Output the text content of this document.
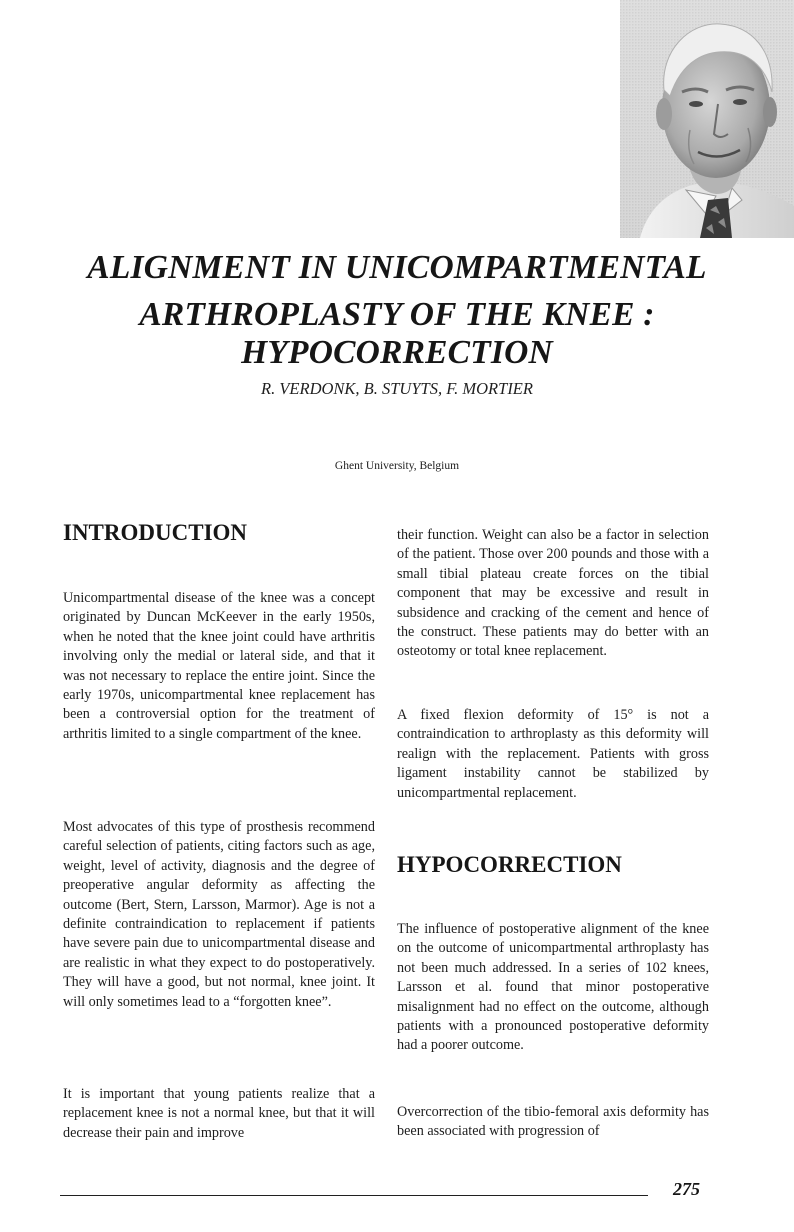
ALIGNMENT IN UNICOMPARTMENTAL
ARTHROPLASTY OF THE KNEE :
HYPOCORRECTION
R. VERDONK, B. STUYTS, F. MORTIER
Ghent University, Belgium
INTRODUCTION

Unicompartmental disease of the knee was a concept originated by Duncan McKeever in the early 1950s, when he noted that the knee joint could have arthritis involving only the medial or lateral side, and that it was not necessary to replace the entire joint. Since the early 1970s, unicompartmental knee replacement has been a controversial option for the treatment of arthritis limited to a single compartment of the knee.

Most advocates of this type of prosthesis recommend careful selection of patients, citing factors such as age, weight, level of activity, diagnosis and the degree of preoperative angular deformity as affecting the outcome (Bert, Stern, Larsson, Marmor). Age is not a definite contraindication to replacement if patients have severe pain due to unicompartmental disease and are realistic in what they expect to do postoperatively. They will have a good, but not normal, knee joint. It will only sometimes lead to a “forgotten knee”.

It is important that young patients realize that a replacement knee is not a normal knee, but that it will decrease their pain and improve

their function. Weight can also be a factor in selection of the patient. Those over 200 pounds and those with a small tibial plateau create forces on the tibial component that may be excessive and result in subsidence and cracking of the cement and hence of the construct. These patients may do better with an osteotomy or total knee replacement.

A fixed flexion deformity of 15° is not a contraindication to arthroplasty as this deformity will realign with the replacement. Patients with gross ligament instability cannot be stabilized by unicompartmental replacement.

HYPOCORRECTION

The influence of postoperative alignment of the knee on the outcome of unicompartmental arthroplasty has not been much addressed. In a series of 102 knees, Larsson et al. found that minor postoperative misalignment had no effect on the outcome, although patients with a pronounced postoperative deformity had a poorer outcome.

Overcorrection of the tibio-femoral axis deformity has been associated with progression of

275
